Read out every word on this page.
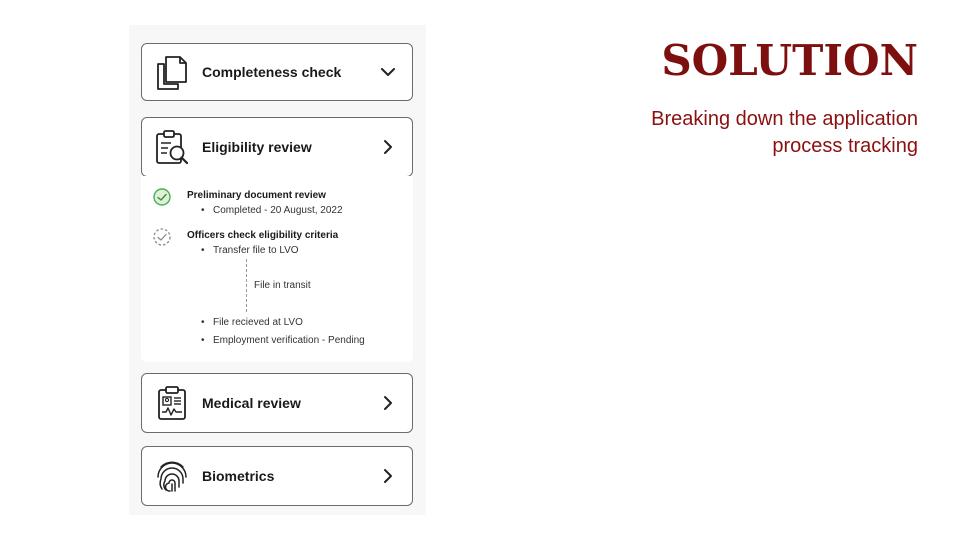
Completeness check
Eligibility review
Preliminary document review
• Completed - 20 August, 2022
Officers check eligibility criteria
• Transfer file to LVO
File in transit
• File recieved at LVO
• Employment verification - Pending
Medical review
Biometrics
SOLUTION
Breaking down the application process tracking
